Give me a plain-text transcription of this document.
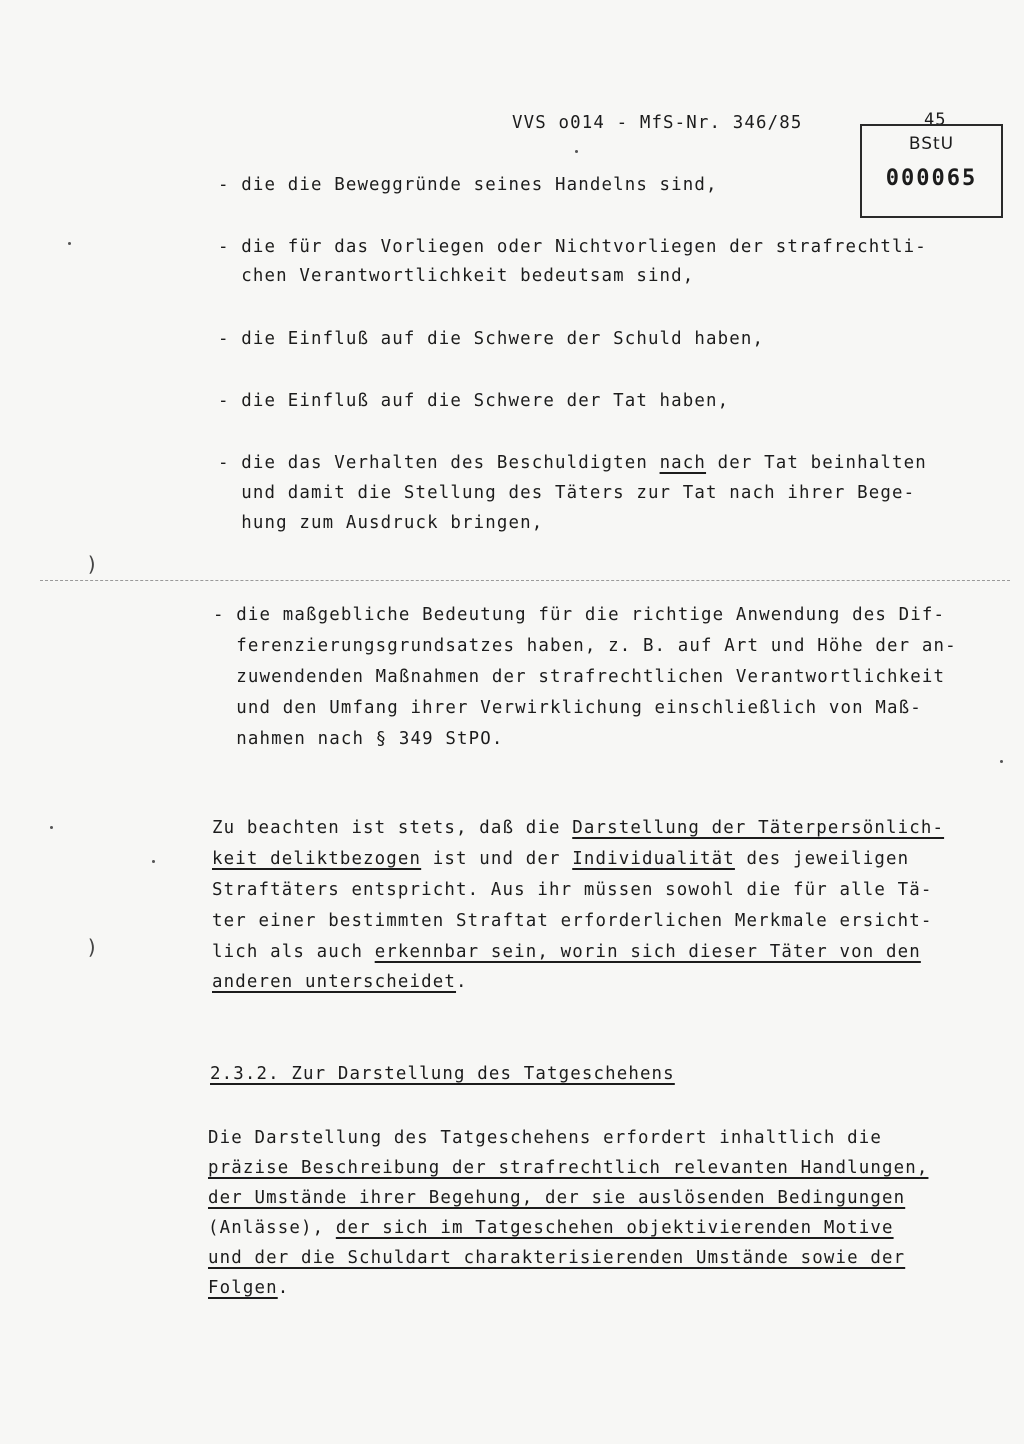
VVS o014 - MfS-Nr. 346/85	45
BStU
000065
- die die Beweggründe seines Handelns sind,
- die für das Vorliegen oder Nichtvorliegen der strafrechtli-
chen Verantwortlichkeit bedeutsam sind,
- die Einfluß auf die Schwere der Schuld haben,
- die Einfluß auf die Schwere der Tat haben,
- die das Verhalten des Beschuldigten nach der Tat beinhalten
und damit die Stellung des Täters zur Tat nach ihrer Bege-
hung zum Ausdruck bringen,
)
- die maßgebliche Bedeutung für die richtige Anwendung des Dif-
ferenzierungsgrundsatzes haben, z. B. auf Art und Höhe der an-
zuwendenden Maßnahmen der strafrechtlichen Verantwortlichkeit
und den Umfang ihrer Verwirklichung einschließlich von Maß-
nahmen nach § 349 StPO.
Zu beachten ist stets, daß die Darstellung der Täterpersönlich-
keit deliktbezogen ist und der Individualität des jeweiligen
Straftäters entspricht. Aus ihr müssen sowohl die für alle Tä-
ter einer bestimmten Straftat erforderlichen Merkmale ersicht-
lich als auch erkennbar sein, worin sich dieser Täter von den
anderen unterscheidet.
)
2.3.2. Zur Darstellung des Tatgeschehens
Die Darstellung des Tatgeschehens erfordert inhaltlich die
präzise Beschreibung der strafrechtlich relevanten Handlungen,
der Umstände ihrer Begehung, der sie auslösenden Bedingungen
(Anlässe), der sich im Tatgeschehen objektivierenden Motive
und der die Schuldart charakterisierenden Umstände sowie der
Folgen.
